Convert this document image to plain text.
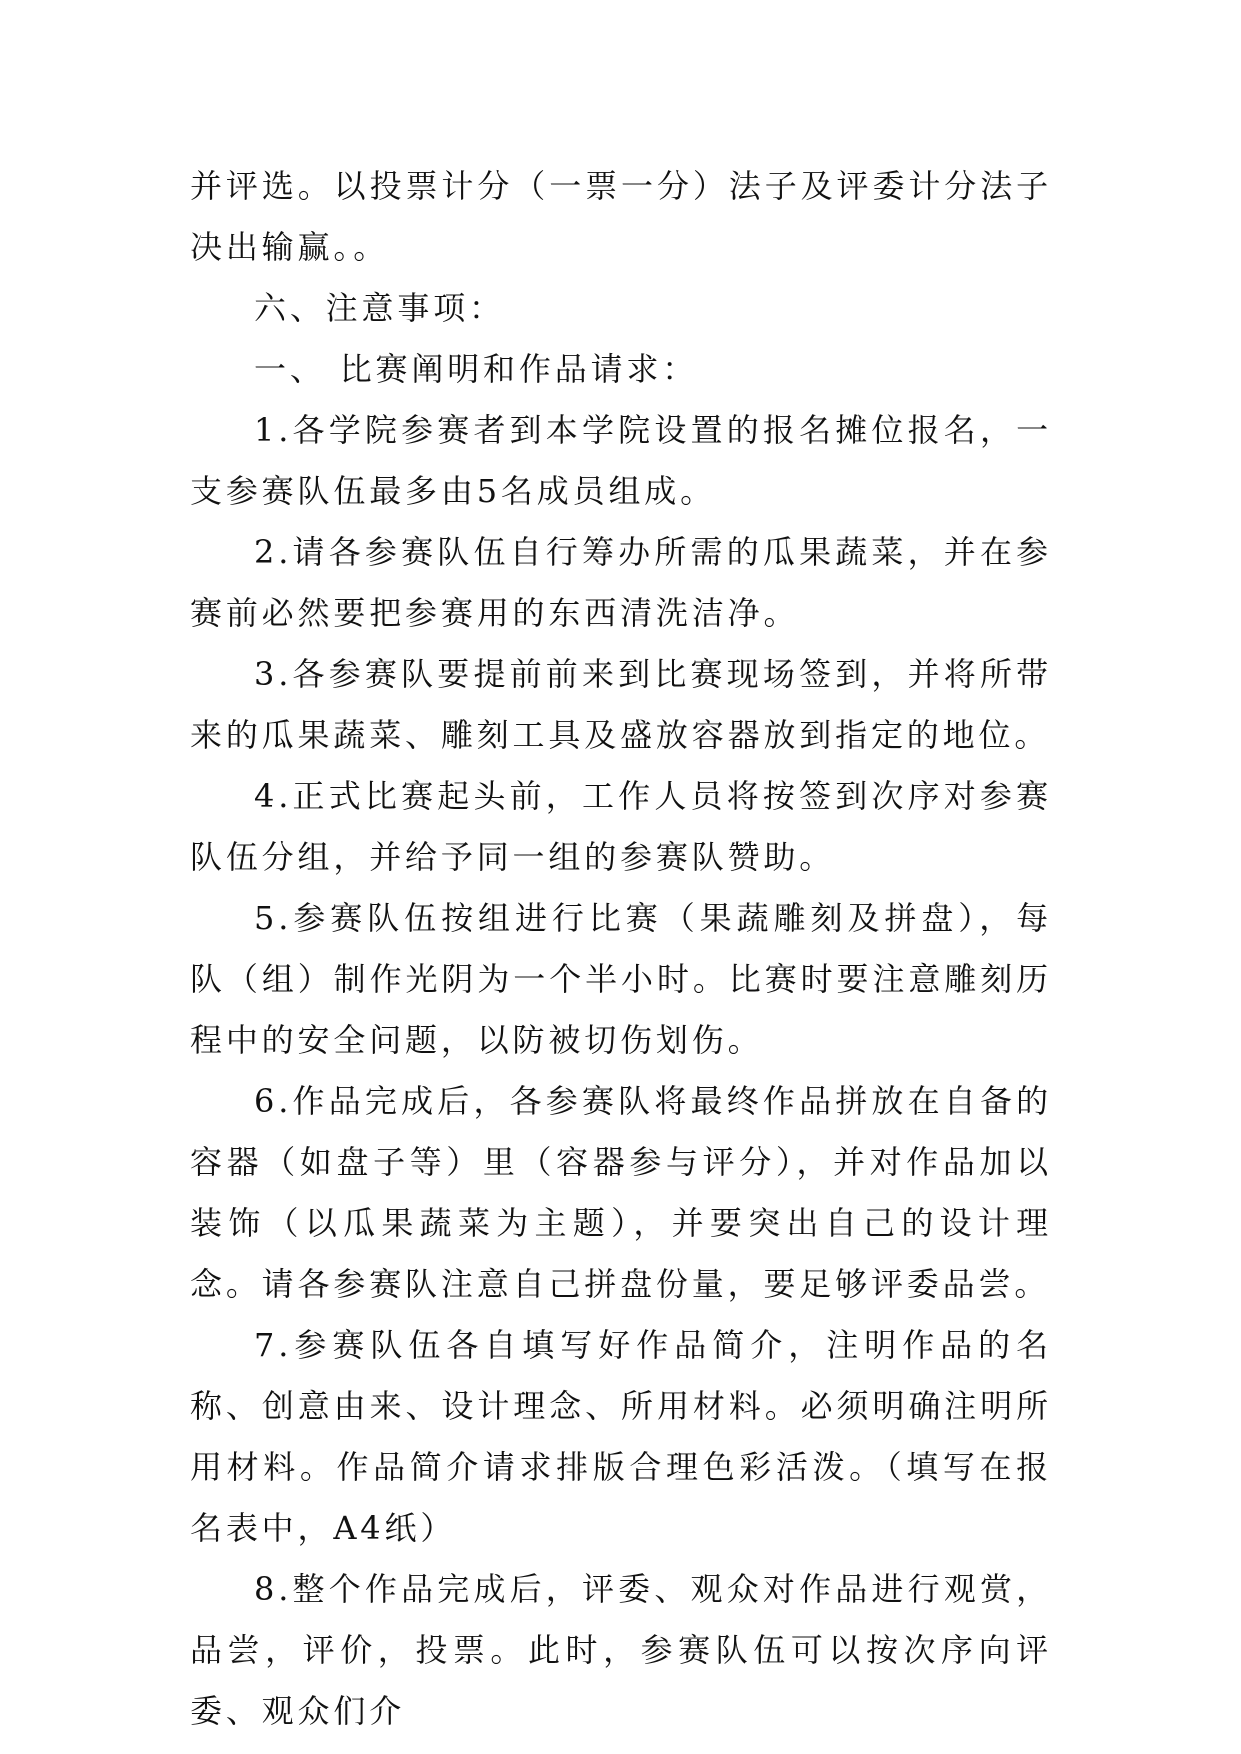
并评选。以投票计分（一票一分）法子及评委计分法子决出输赢。。

六、注意事项：

一、 比赛阐明和作品请求：

1.各学院参赛者到本学院设置的报名摊位报名，一支参赛队伍最多由5名成员组成。

2.请各参赛队伍自行筹办所需的瓜果蔬菜，并在参赛前必然要把参赛用的东西清洗洁净。

3.各参赛队要提前前来到比赛现场签到，并将所带来的瓜果蔬菜、雕刻工具及盛放容器放到指定的地位。

4.正式比赛起头前，工作人员将按签到次序对参赛队伍分组，并给予同一组的参赛队赞助。

5.参赛队伍按组进行比赛（果蔬雕刻及拼盘），每队（组）制作光阴为一个半小时。比赛时要注意雕刻历程中的安全问题，以防被切伤划伤。

6.作品完成后，各参赛队将最终作品拼放在自备的容器（如盘子等）里（容器参与评分），并对作品加以装饰（以瓜果蔬菜为主题），并要突出自己的设计理念。请各参赛队注意自己拼盘份量，要足够评委品尝。

7.参赛队伍各自填写好作品简介，注明作品的名称、创意由来、设计理念、所用材料。必须明确注明所用材料。作品简介请求排版合理色彩活泼。（填写在报名表中，A4纸）

8.整个作品完成后，评委、观众对作品进行观赏，品尝，评价，投票。此时，参赛队伍可以按次序向评委、观众们介
